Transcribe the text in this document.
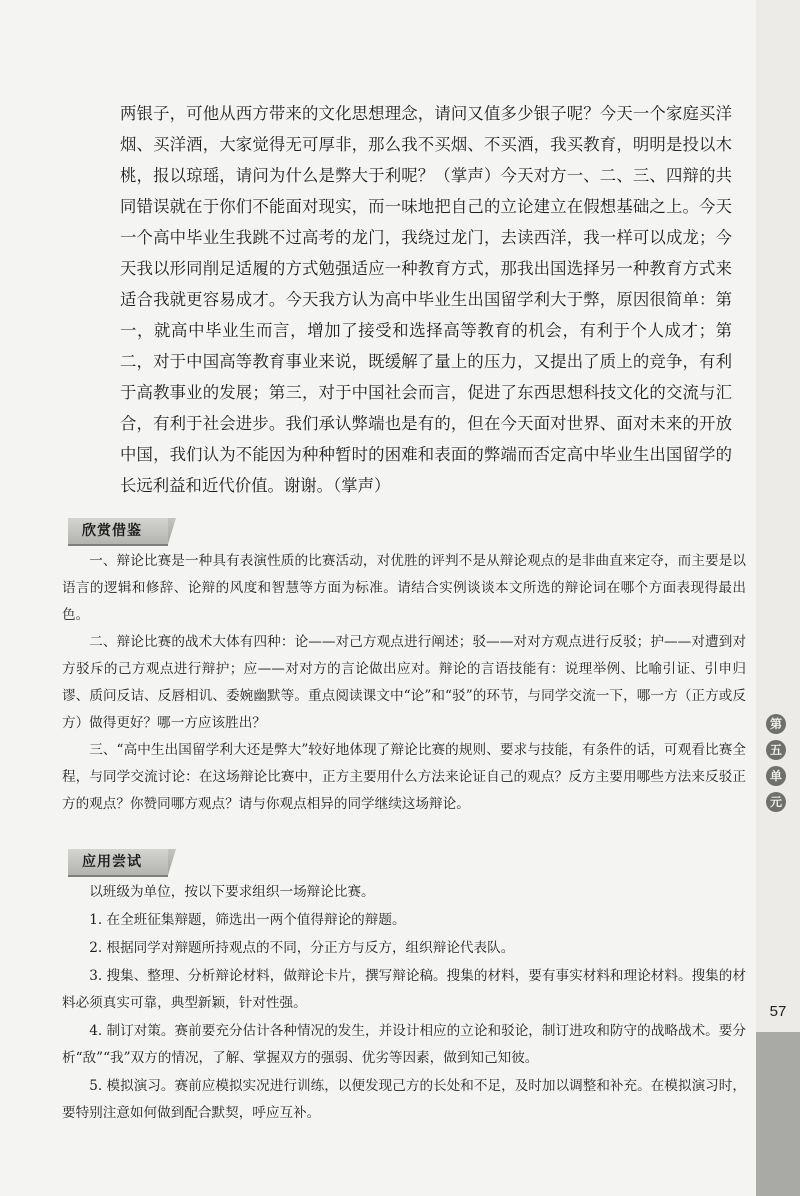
第
五
单
元
57
两银子，可他从西方带来的文化思想理念，请问又值多少银子呢？今天一个家庭买洋烟、买洋酒，大家觉得无可厚非，那么我不买烟、不买酒，我买教育，明明是投以木桃，报以琼瑶，请问为什么是弊大于利呢？（掌声）今天对方一、二、三、四辩的共同错误就在于你们不能面对现实，而一味地把自己的立论建立在假想基础之上。今天一个高中毕业生我跳不过高考的龙门，我绕过龙门，去读西洋，我一样可以成龙；今天我以形同削足适履的方式勉强适应一种教育方式，那我出国选择另一种教育方式来适合我就更容易成才。今天我方认为高中毕业生出国留学利大于弊，原因很简单：第一，就高中毕业生而言，增加了接受和选择高等教育的机会，有利于个人成才；第二，对于中国高等教育事业来说，既缓解了量上的压力，又提出了质上的竞争，有利于高教事业的发展；第三，对于中国社会而言，促进了东西思想科技文化的交流与汇合，有利于社会进步。我们承认弊端也是有的，但在今天面对世界、面对未来的开放中国，我们认为不能因为种种暂时的困难和表面的弊端而否定高中毕业生出国留学的长远利益和近代价值。谢谢。（掌声）
欣赏借鉴

一、辩论比赛是一种具有表演性质的比赛活动，对优胜的评判不是从辩论观点的是非曲直来定夺，而主要是以语言的逻辑和修辞、论辩的风度和智慧等方面为标准。请结合实例谈谈本文所选的辩论词在哪个方面表现得最出色。

二、辩论比赛的战术大体有四种：论——对己方观点进行阐述；驳——对对方观点进行反驳；护——对遭到对方驳斥的己方观点进行辩护；应——对对方的言论做出应对。辩论的言语技能有：说理举例、比喻引证、引申归谬、质问反诘、反唇相讥、委婉幽默等。重点阅读课文中“论”和“驳”的环节，与同学交流一下，哪一方（正方或反方）做得更好？哪一方应该胜出？

三、“高中生出国留学利大还是弊大”较好地体现了辩论比赛的规则、要求与技能，有条件的话，可观看比赛全程，与同学交流讨论：在这场辩论比赛中，正方主要用什么方法来论证自己的观点？反方主要用哪些方法来反驳正方的观点？你赞同哪方观点？请与你观点相异的同学继续这场辩论。

应用尝试

以班级为单位，按以下要求组织一场辩论比赛。

1. 在全班征集辩题，筛选出一两个值得辩论的辩题。

2. 根据同学对辩题所持观点的不同，分正方与反方，组织辩论代表队。

3. 搜集、整理、分析辩论材料，做辩论卡片，撰写辩论稿。搜集的材料，要有事实材料和理论材料。搜集的材料必须真实可靠，典型新颖，针对性强。

4. 制订对策。赛前要充分估计各种情况的发生，并设计相应的立论和驳论，制订进攻和防守的战略战术。要分析“敌”“我”双方的情况，了解、掌握双方的强弱、优劣等因素，做到知己知彼。

5. 模拟演习。赛前应模拟实况进行训练，以便发现己方的长处和不足，及时加以调整和补充。在模拟演习时，要特别注意如何做到配合默契，呼应互补。
